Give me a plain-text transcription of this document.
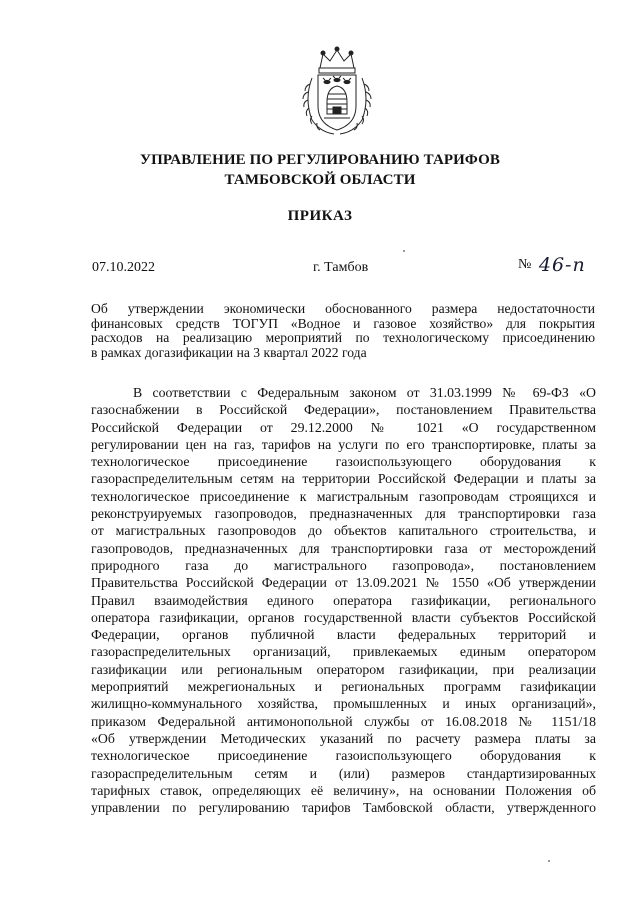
УПРАВЛЕНИЕ ПО РЕГУЛИРОВАНИЮ ТАРИФОВ
ТАМБОВСКОЙ ОБЛАСТИ
ПРИКАЗ
07.10.2022	г. Тамбов	№ 46-п
Об утверждении экономически обоснованного размера недостаточности
финансовых средств ТОГУП «Водное и газовое хозяйство» для покрытия
расходов на реализацию мероприятий по технологическому присоединению
в рамках догазификации на 3 квартал 2022 года
В соответствии с Федеральным законом от 31.03.1999 № 69-ФЗ «О
газоснабжении в Российской Федерации», постановлением Правительства
Российской Федерации от 29.12.2000 № 1021 «О государственном
регулировании цен на газ, тарифов на услуги по его транспортировке, платы за
технологическое присоединение газоиспользующего оборудования к
газораспределительным сетям на территории Российской Федерации и платы за
технологическое присоединение к магистральным газопроводам строящихся и
реконструируемых газопроводов, предназначенных для транспортировки газа
от магистральных газопроводов до объектов капитального строительства, и
газопроводов, предназначенных для транспортировки газа от месторождений
природного газа до магистрального газопровода», постановлением
Правительства Российской Федерации от 13.09.2021 № 1550 «Об утверждении
Правил взаимодействия единого оператора газификации, регионального
оператора газификации, органов государственной власти субъектов Российской
Федерации, органов публичной власти федеральных территорий и
газораспределительных организаций, привлекаемых единым оператором
газификации или региональным оператором газификации, при реализации
мероприятий межрегиональных и региональных программ газификации
жилищно-коммунального хозяйства, промышленных и иных организаций»,
приказом Федеральной антимонопольной службы от 16.08.2018 № 1151/18
«Об утверждении Методических указаний по расчету размера платы за
технологическое присоединение газоиспользующего оборудования к
газораспределительным сетям и (или) размеров стандартизированных
тарифных ставок, определяющих её величину», на основании Положения об
управлении по регулированию тарифов Тамбовской области, утвержденного
